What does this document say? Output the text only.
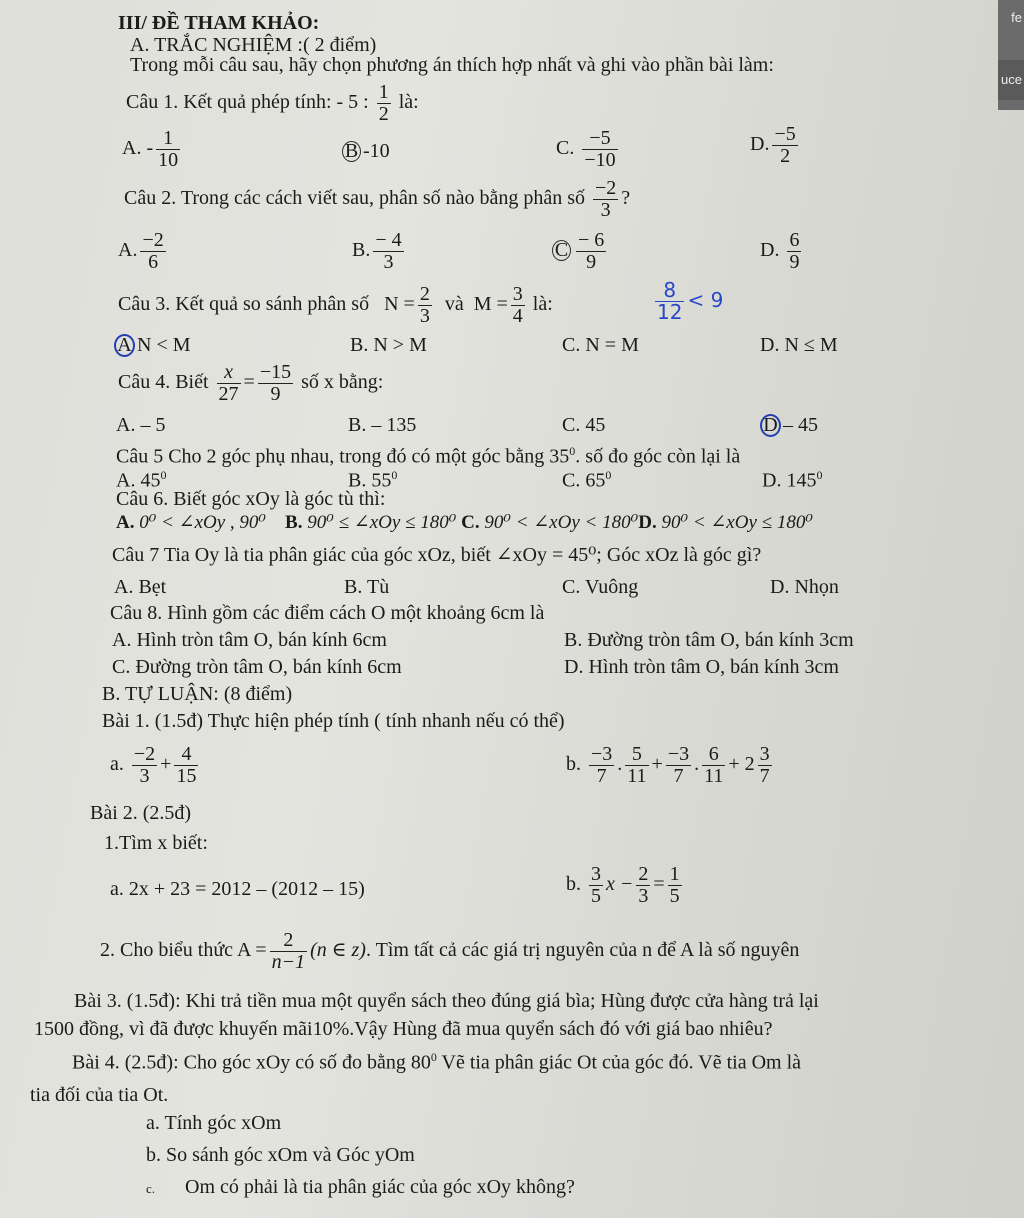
fe
uce
III/ ĐỀ THAM KHẢO:
A. TRẮC NGHIỆM :( 2 điểm)
Trong mỗi câu sau, hãy chọn phương án thích hợp nhất và ghi vào phần bài làm:
Câu 1. Kết quả phép tính: - 5 : $\frac{1}{2}$ là:
A. - $\frac{1}{10}$	B -10	C. $\frac{-5}{-10}$	D. $\frac{-5}{2}$
Câu 2. Trong các cách viết sau, phân số nào bằng phân số $\frac{-2}{3}$ ?
A. $\frac{-2}{6}$	B. $\frac{- 4}{3}$	C $\frac{- 6}{9}$	D. $\frac{6}{9}$
Câu 3. Kết quả so sánh phân số $N = \frac{2}{3}$ và $M = \frac{3}{4}$ là:	$\frac{8}{12} < 9$
A N < M	B. N > M	C. N = M	D. N ≤ M
Câu 4. Biết $\frac{x}{27} = \frac{-15}{9}$ số x bằng:
A. – 5	B. – 135	C. 45	D – 45
Câu 5 Cho 2 góc phụ nhau, trong đó có một góc bằng $35^0$. số đo góc còn lại là
A. $45^0$	B. $55^0$	C. $65^0$	D. $145^0$
Câu 6. Biết góc xOy là góc tù thì:
A. 0⁰ < ∠xOy , 90⁰ B. 90⁰ ≤ ∠xOy ≤ 180⁰ C. 90⁰ < ∠xOy < 180⁰D. 90⁰ < ∠xOy ≤ 180⁰
Câu 7 Tia Oy là tia phân giác của góc xOz, biết ∠xOy = 45⁰; Góc xOz là góc gì?
A. Bẹt	B. Tù	C. Vuông	D. Nhọn
Câu 8. Hình gồm các điểm cách O một khoảng 6cm là
A. Hình tròn tâm O, bán kính 6cm	B. Đường tròn tâm O, bán kính 3cm
C. Đường tròn tâm O, bán kính 6cm	D. Hình tròn tâm O, bán kính 3cm
B. TỰ LUẬN: (8 điểm)
Bài 1. (1.5đ) Thực hiện phép tính ( tính nhanh nếu có thể)
a. $\frac{-2}{3} + \frac{4}{15}$	b. $\frac{-3}{7}$ . $\frac{5}{11} + \frac{-3}{7}$ . $\frac{6}{11} + 2 \frac{3}{7}$
Bài 2. (2.5đ)
1.Tìm x biết:
a. 2x + 23 = 2012 – (2012 – 15)	b. $\frac{3}{5}$ $x - \frac{2}{3} = \frac{1}{5}$
2. Cho biểu thức $A = \frac{2}{n-1} (n$ ∈ z). Tìm tất cả các giá trị nguyên của n để A là số nguyên
Bài 3. (1.5đ): Khi trả tiền mua một quyển sách theo đúng giá bìa; Hùng được cửa hàng trả lại
1500 đồng, vì đã được khuyến mãi10%.Vậy Hùng đã mua quyển sách đó với giá bao nhiêu?
Bài 4. (2.5đ): Cho góc xOy có số đo bằng $80^0$ Vẽ tia phân giác Ot của góc đó. Vẽ tia Om là
tia đối của tia Ot.
a. Tính góc xOm
b. So sánh góc xOm và Góc yOm
c. Om có phải là tia phân giác của góc xOy không?
